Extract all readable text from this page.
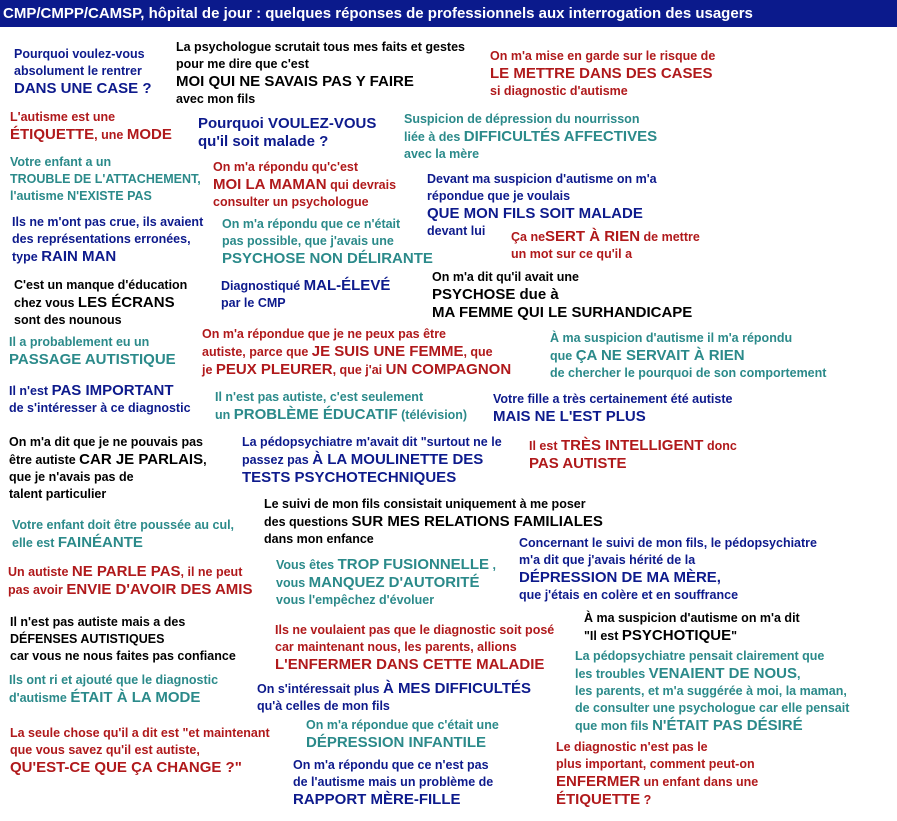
CMP/CMPP/CAMSP, hôpital de jour : quelques réponses de professionnels aux interrogation des usagers
Pourquoi voulez-vous
absolument le rentrer
DANS UNE CASE ?
La psychologue scrutait tous mes faits et gestes
pour me dire que c'est
MOI QUI NE SAVAIS PAS Y FAIRE
avec mon fils
On m'a mise en garde sur le risque de
LE METTRE DANS DES CASES
si diagnostic d'autisme
L'autisme est une
ÉTIQUETTE, une MODE
Pourquoi VOULEZ-VOUS
qu'il soit malade ?
Suspicion de dépression du nourrisson
liée à des DIFFICULTÉS AFFECTIVES
avec la mère
Votre enfant a un
TROUBLE DE L'ATTACHEMENT,
l'autisme N'EXISTE PAS
On m'a répondu qu'c'est
MOI LA MAMAN qui devrais
consulter un psychologue
Devant ma suspicion d'autisme on m'a
répondue que je voulais
QUE MON FILS SOIT MALADE
devant lui
Ils ne m'ont pas crue, ils avaient
des représentations erronées,
type RAIN MAN
On m'a répondu que ce n'était
pas possible, que j'avais une
PSYCHOSE NON DÉLIRANTE
Ça neSERT À RIEN de mettre
un mot sur ce qu'il a
C'est un manque d'éducation
chez vous LES ÉCRANS
sont des nounous
Diagnostiqué MAL-ÉLEVÉ
par le CMP
On m'a dit qu'il avait une
PSYCHOSE due à
MA FEMME QUI LE SURHANDICAPE
Il a probablement eu un
PASSAGE AUTISTIQUE
On m'a répondue que je ne peux pas être
autiste, parce que JE SUIS UNE FEMME, que
je PEUX PLEURER, que j'ai UN COMPAGNON
À ma suspicion d'autisme il m'a répondu
que ÇA NE SERVAIT À RIEN
de chercher le pourquoi de son comportement
Il n'est PAS IMPORTANT
de s'intéresser à ce diagnostic
Il n'est pas autiste, c'est seulement
un PROBLÈME ÉDUCATIF (télévision)
Votre fille a très certainement été autiste
MAIS NE L'EST PLUS
On m'a dit que je ne pouvais pas
être autiste CAR JE PARLAIS,
que je n'avais pas de
talent particulier
La pédopsychiatre m'avait dit "surtout ne le
passez pas À LA MOULINETTE DES
TESTS PSYCHOTECHNIQUES
Il est TRÈS INTELLIGENT donc
PAS AUTISTE
Le suivi de mon fils consistait uniquement à me poser
des questions SUR MES RELATIONS FAMILIALES
dans mon enfance
Votre enfant doit être poussée au cul,
elle est FAINÉANTE	Concernant le suivi de mon fils, le pédopsychiatre
m'a dit que j'avais hérité de la
DÉPRESSION DE MA MÈRE,
que j'étais en colère et en souffrance
Vous êtes TROP FUSIONNELLE ,
vous MANQUEZ D'AUTORITÉ
vous l'empêchez d'évoluer
Un autiste NE PARLE PAS, il ne peut
pas avoir ENVIE D'AVOIR DES AMIS
À ma suspicion d'autisme on m'a dit
"Il est PSYCHOTIQUE"
Il n'est pas autiste mais a des
DÉFENSES AUTISTIQUES
car vous ne nous faites pas confiance
Ils ne voulaient pas que le diagnostic soit posé
car maintenant nous, les parents, allions
L'ENFERMER DANS CETTE MALADIE	La pédopsychiatre pensait clairement que
les troubles VENAIENT DE NOUS,
les parents, et m'a suggérée à moi, la maman,
de consulter une psychologue car elle pensait
que mon fils N'ÉTAIT PAS DÉSIRÉ
Ils ont ri et ajouté que le diagnostic
d'autisme ÉTAIT À LA MODE	On s'intéressait plus À MES DIFFICULTÉS
qu'à celles de mon fils
La seule chose qu'il a dit est "et maintenant
que vous savez qu'il est autiste,
QU'EST-CE QUE ÇA CHANGE ?"
On m'a répondue que c'était une
DÉPRESSION INFANTILE	Le diagnostic n'est pas le
plus important, comment peut-on
ENFERMER un enfant dans une
ÉTIQUETTE ?
On m'a répondu que ce n'est pas
de l'autisme mais un problème de
RAPPORT MÈRE-FILLE
